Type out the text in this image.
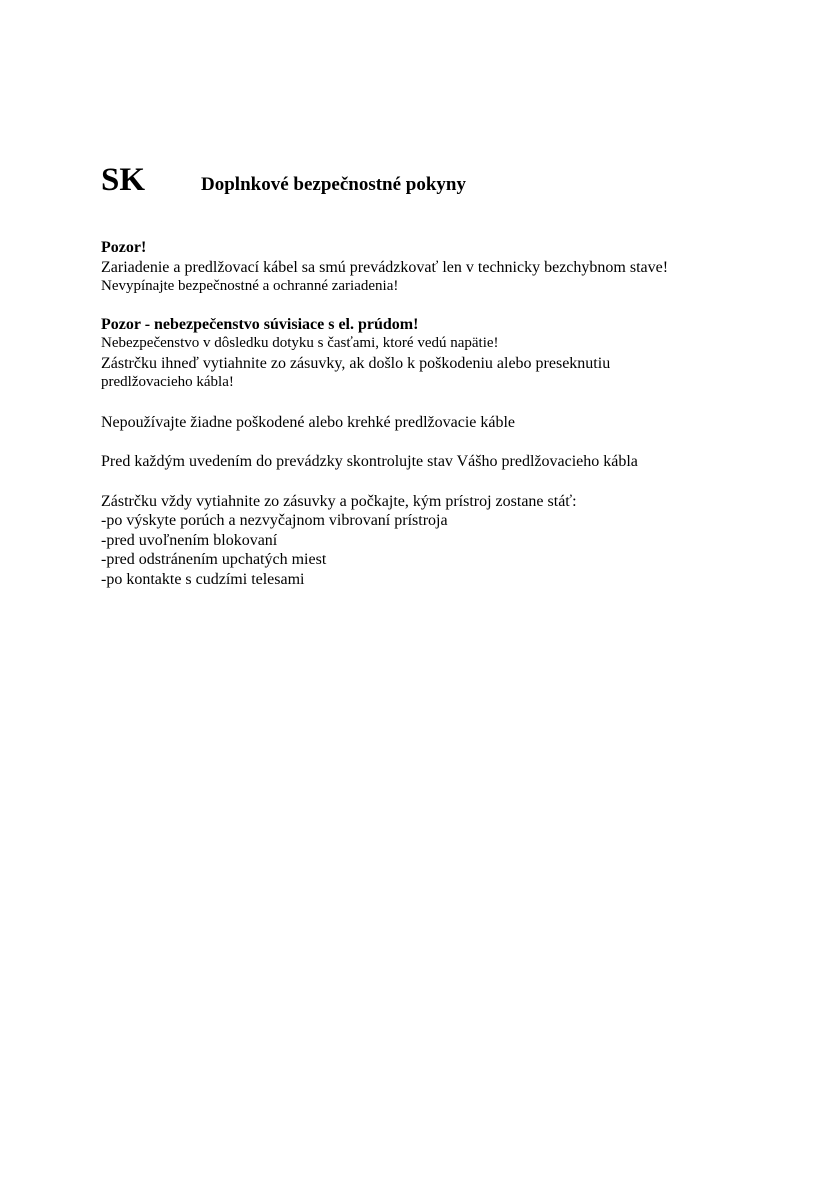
SK	Doplnkové bezpečnostné pokyny

Pozor!

Zariadenie a predlžovací kábel sa smú prevádzkovať len v technicky bezchybnom stave!

Nevypínajte bezpečnostné a ochranné zariadenia!

Pozor - nebezpečenstvo súvisiace s el. prúdom!

Nebezpečenstvo v dôsledku dotyku s časťami, ktoré vedú napätie!

Zástrčku ihneď vytiahnite zo zásuvky, ak došlo k poškodeniu alebo preseknutiu

predlžovacieho kábla!

Nepoužívajte žiadne poškodené alebo krehké predlžovacie káble

Pred každým uvedením do prevádzky skontrolujte stav Vášho predlžovacieho kábla

Zástrčku vždy vytiahnite zo zásuvky a počkajte, kým prístroj zostane stáť:

-po výskyte porúch a nezvyčajnom vibrovaní prístroja

-pred uvoľnením blokovaní

-pred odstránením upchatých miest

-po kontakte s cudzími telesami
